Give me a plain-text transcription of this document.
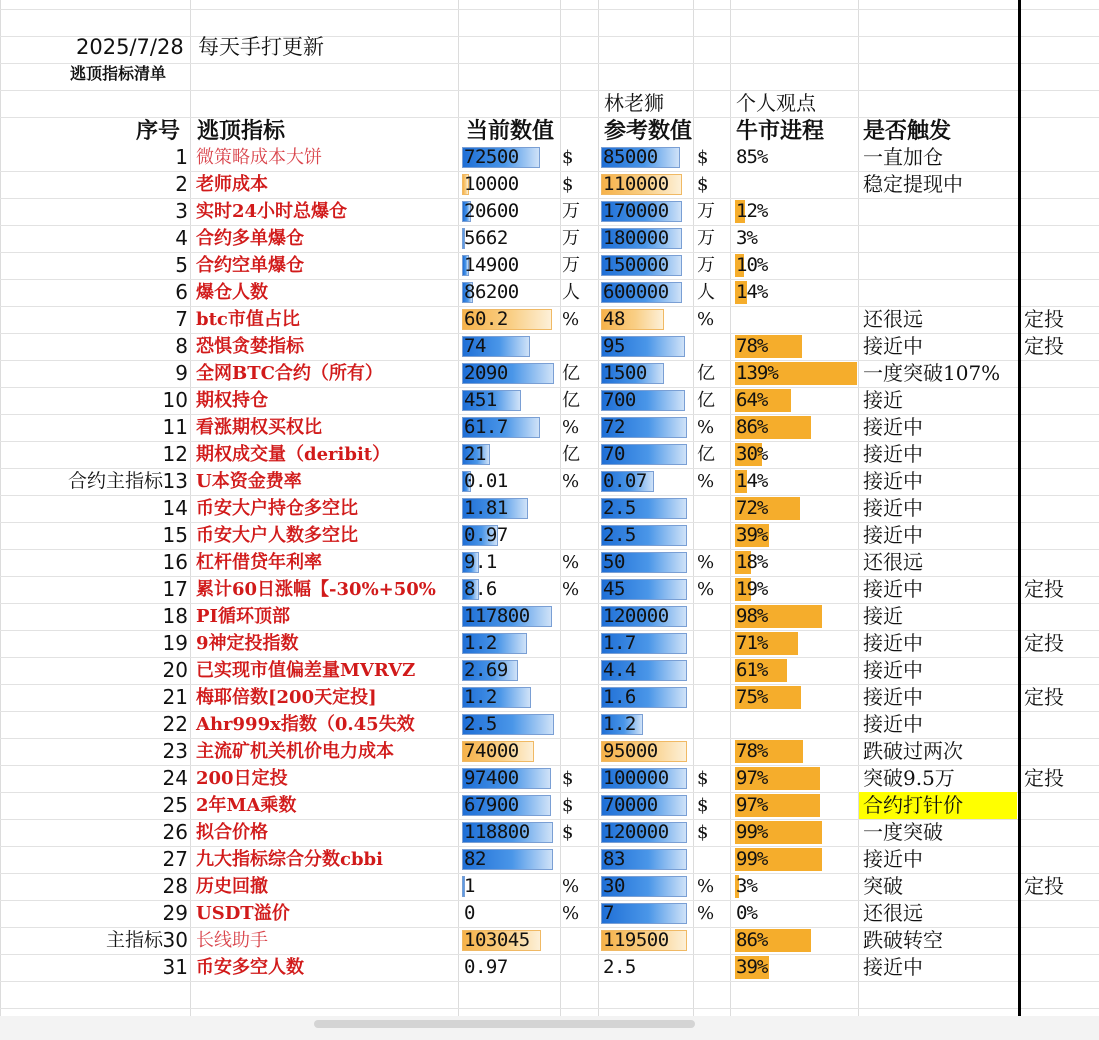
2025/7/28 每天手打更新
逃顶指标清单
林老狮	个人观点
序号 逃顶指标	当前数值 参考数值 牛市进程 是否触发
1 微策略成本大饼	72500 $ 85000 $ 85%	一直加仓
2 老师成本	10000 $ 110000 $	稳定提现中
3 实时24小时总爆仓	20600 万 170000 万 12%
4 合约多单爆仓	5662	万 180000 万 3%
5 合约空单爆仓	14900 万 150000 万 10%
6 爆仓人数	86200 人 600000 人 14%
7 btc市值占比	60.2	% 48	%	还很远	定投
8 恐惧贪婪指标	74	95	78%	接近中	定投
9 全网BTC合约（所有）	2090	亿 1500	亿 139%	一度突破107%
10 期权持仓	451	亿 700	亿 64%	接近
11 看涨期权买权比	61.7	% 72	% 86%	接近中
12 期权成交量（deribit）	21	亿 70	亿 30%	接近中
合约主指标 13 U本资金费率	0.01	% 0.07	% 14%	接近中
14 币安大户持仓多空比	1.81	2.5	72%	接近中
15 币安大户人数多空比	0.97	2.5	39%	接近中
16 杠杆借贷年利率	9.1	% 50	% 18%	还很远
17 累计60日涨幅【-30%+50% 8.6	% 45	% 19%	接近中	定投
18 PI循环顶部	117800	120000	98%	接近
19 9神定投指数	1.2	1.7	71%	接近中	定投
20 已实现市值偏差量MVRVZ	2.69	4.4	61%	接近中
21 梅耶倍数[200天定投]	1.2	1.6	75%	接近中	定投
22 Ahr999x指数（0.45失效	2.5	1.2	接近中
23 主流矿机关机价电力成本	74000	95000	78%	跌破过两次
24 200日定投	97400 $ 100000 $ 97%	突破9.5万	定投
25 2年MA乘数	67900 $ 70000 $ 97%	合约打针价
26 拟合价格	118800 $ 120000 $ 99%	一度突破
27 九大指标综合分数cbbi	82	83	99%	接近中
28 历史回撤	1	% 30	% 3%	突破	定投
29 USDT溢价	0	% 7	% 0%	还很远
主指标 30 长线助手	103045	119500	86%	跌破转空
31 币安多空人数	0.97	2.5	39%	接近中
